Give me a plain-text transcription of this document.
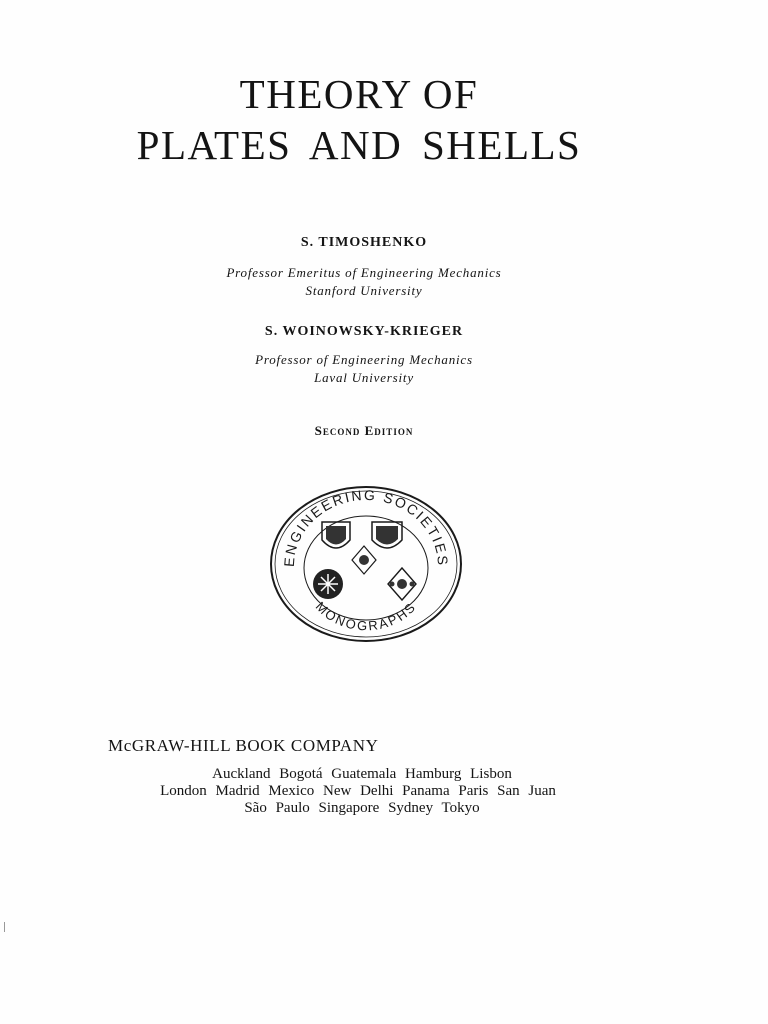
THEORY OF
PLATES AND SHELLS
S. TIMOSHENKO
Professor Emeritus of Engineering Mechanics
Stanford University
S. WOINOWSKY-KRIEGER
Professor of Engineering Mechanics
Laval University
Second Edition
ENGINEERING SOCIETIES
MONOGRAPHS
McGRAW-HILL BOOK COMPANY
Auckland Bogotá Guatemala Hamburg Lisbon
London Madrid Mexico New Delhi Panama Paris San Juan
São Paulo Singapore Sydney Tokyo
